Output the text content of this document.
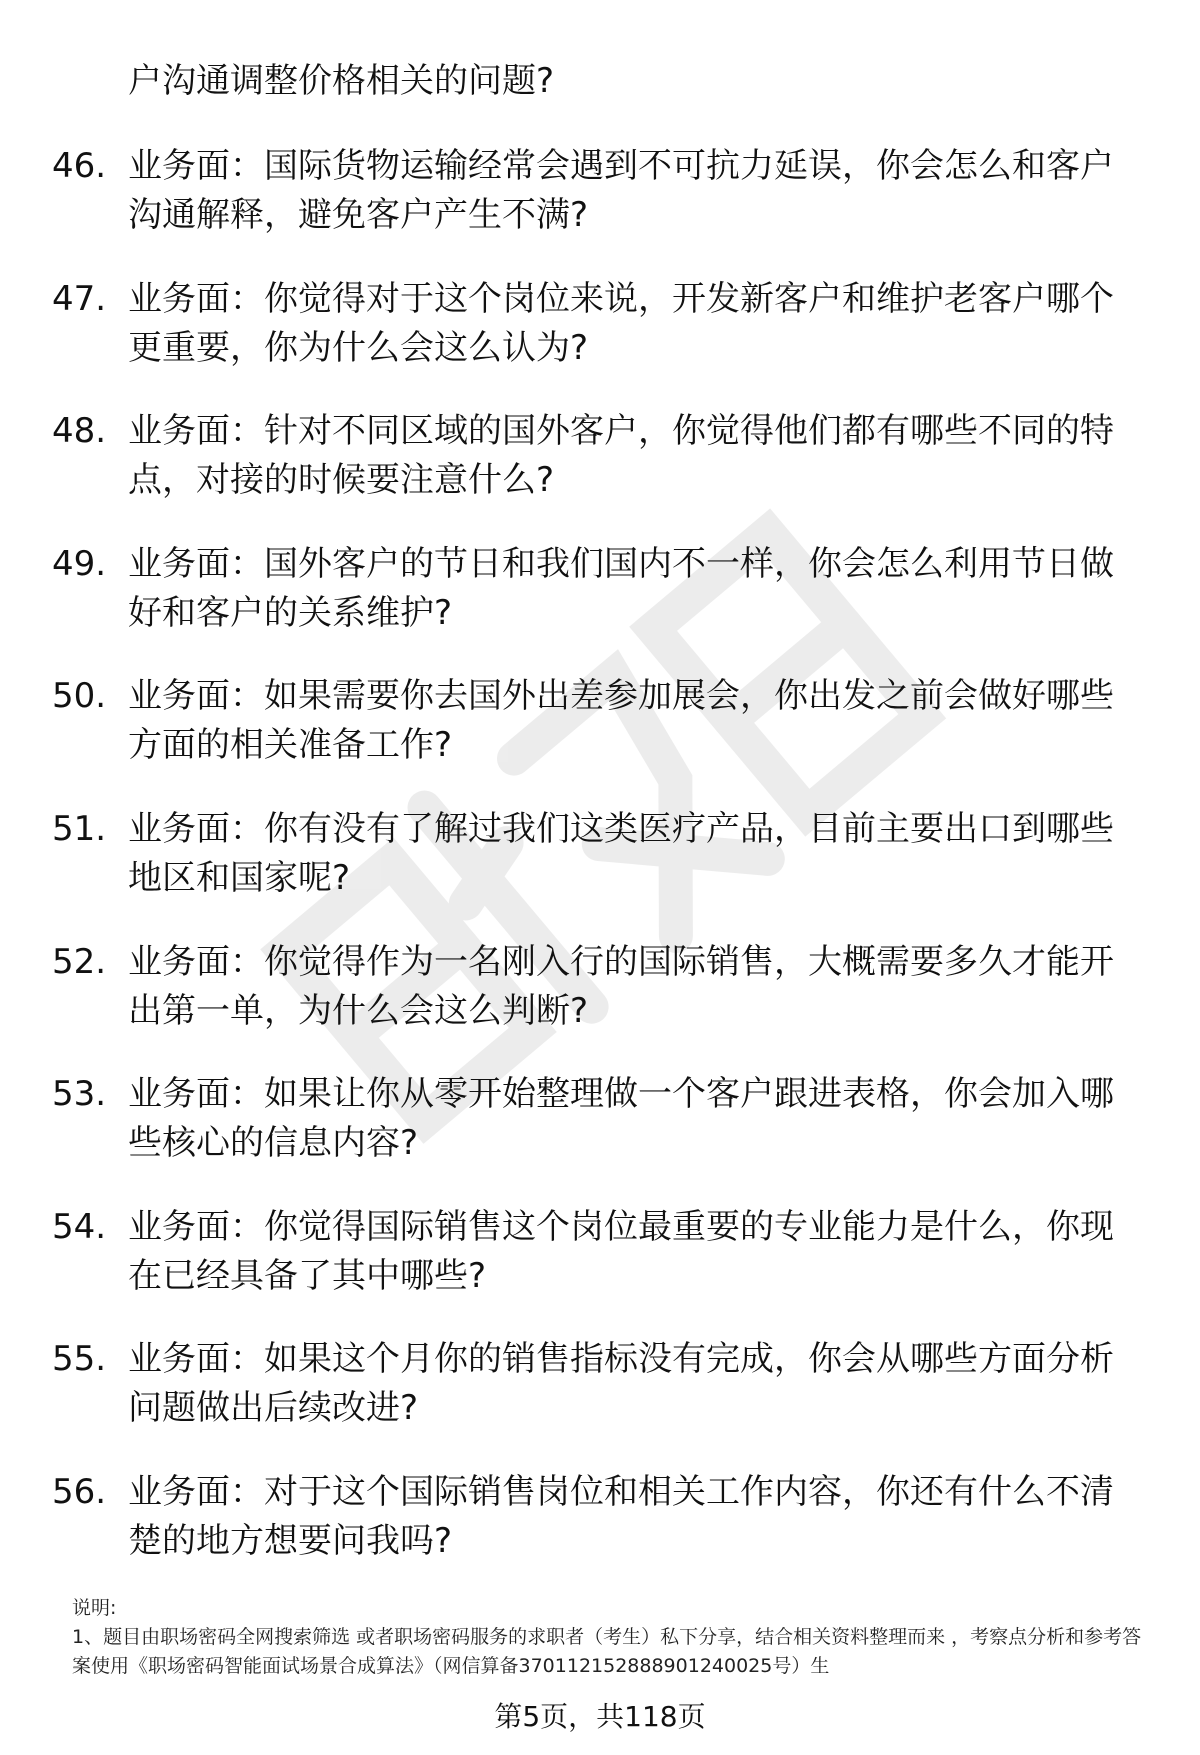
户沟通调整价格相关的问题?
46. 业务面：国际货物运输经常会遇到不可抗力延误，你会怎么和客户沟通解释，避免客户产生不满?
47. 业务面：你觉得对于这个岗位来说，开发新客户和维护老客户哪个更重要，你为什么会这么认为?
48. 业务面：针对不同区域的国外客户，你觉得他们都有哪些不同的特点，对接的时候要注意什么?
49. 业务面：国外客户的节日和我们国内不一样，你会怎么利用节日做好和客户的关系维护?
50. 业务面：如果需要你去国外出差参加展会，你出发之前会做好哪些方面的相关准备工作?
51. 业务面：你有没有了解过我们这类医疗产品，目前主要出口到哪些地区和国家呢?
52. 业务面：你觉得作为一名刚入行的国际销售，大概需要多久才能开出第一单，为什么会这么判断?
53. 业务面：如果让你从零开始整理做一个客户跟进表格，你会加入哪些核心的信息内容?
54. 业务面：你觉得国际销售这个岗位最重要的专业能力是什么，你现在已经具备了其中哪些?
55. 业务面：如果这个月你的销售指标没有完成，你会从哪些方面分析问题做出后续改进?
56. 业务面：对于这个国际销售岗位和相关工作内容，你还有什么不清楚的地方想要问我吗?
说明:
1、题目由职场密码全网搜索筛选 或者职场密码服务的求职者（考生）私下分享，结合相关资料整理而来 ，考察点分析和参考答案使用《职场密码智能面试场景合成算法》（网信算备370112152888901240025号）生
第5页，共118页
